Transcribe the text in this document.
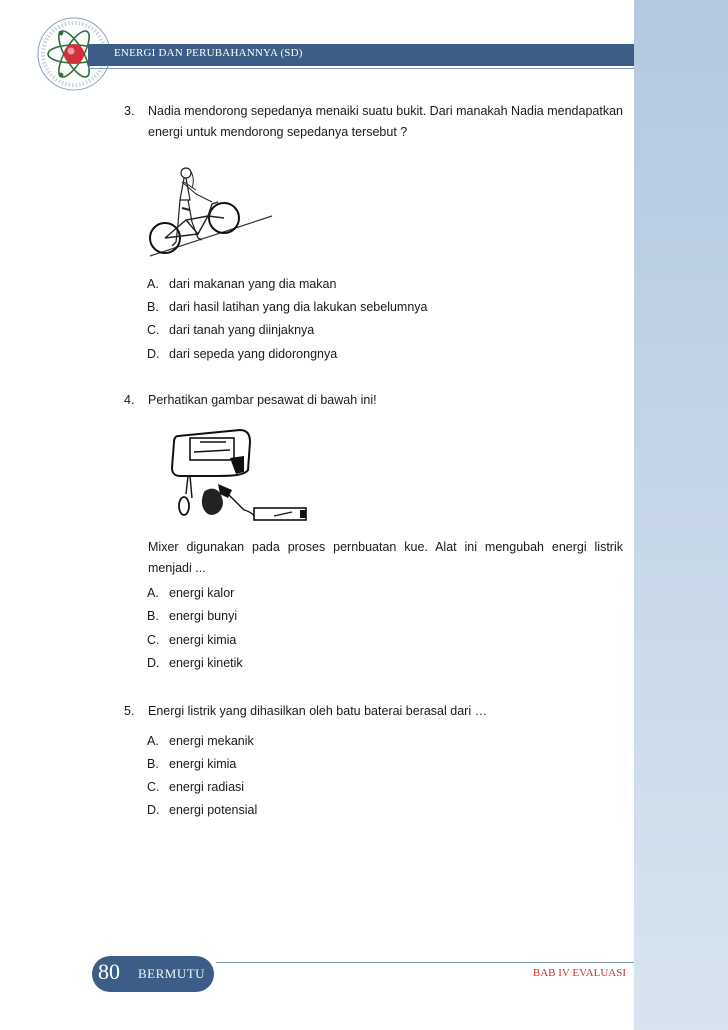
ENERGI DAN PERUBAHANNYA (SD)
3. Nadia mendorong sepedanya menaiki suatu bukit. Dari manakah Nadia mendapatkan energi untuk mendorong sepedanya tersebut ?
A. dari makanan yang dia makan
B. dari hasil latihan yang dia lakukan sebelumnya
C. dari tanah yang diinjaknya
D. dari sepeda yang didorongnya
4. Perhatikan gambar pesawat di bawah ini!
Mixer digunakan pada proses pernbuatan kue. Alat ini mengubah energi listrik menjadi ...
A. energi kalor
B. energi bunyi
C. energi kimia
D. energi kinetik
5. Energi listrik yang dihasilkan oleh batu baterai berasal dari …
A. energi mekanik
B. energi kimia
C. energi radiasi
D. energi potensial
80 BERMUTU	BAB IV EVALUASI
